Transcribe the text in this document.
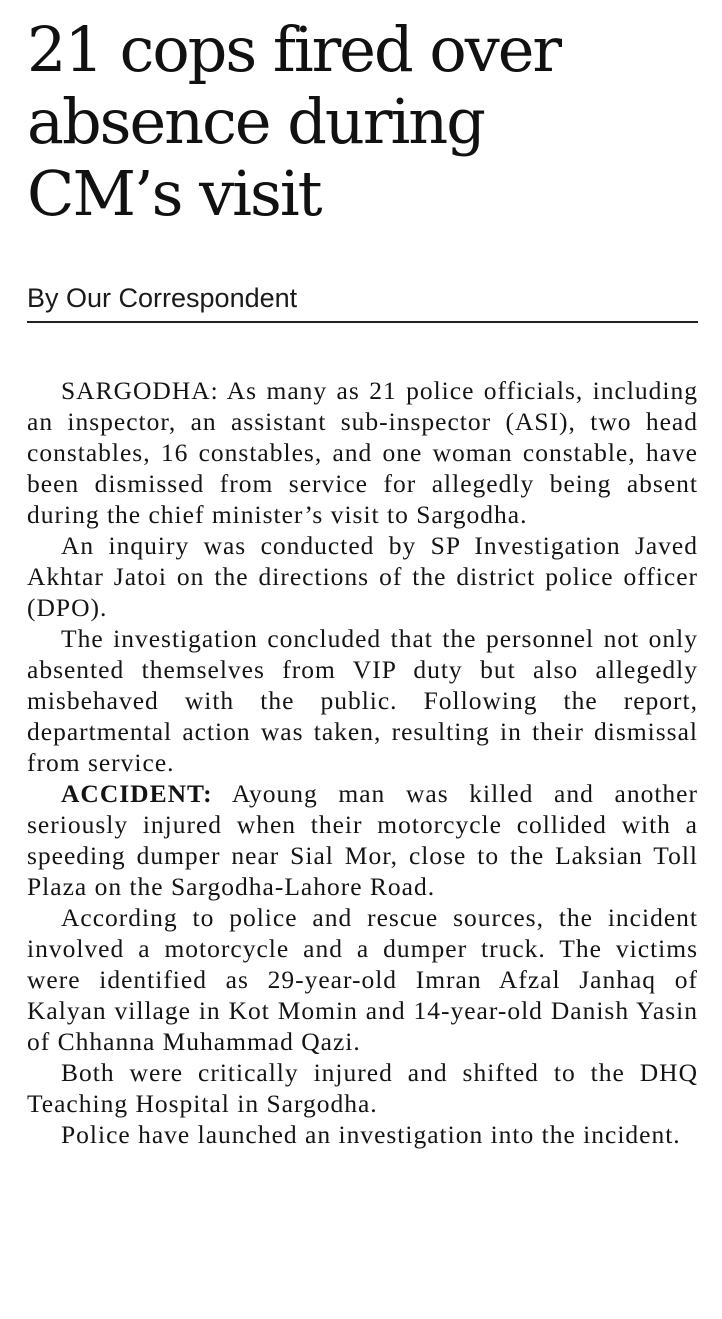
21 cops fired over
absence during
CM’s visit
By Our Correspondent

SARGODHA: As many as 21 police officials, including an inspector, an assistant sub-inspector (ASI), two head constables, 16 constables, and one woman constable, have been dismissed from service for allegedly being absent during the chief minister’s visit to Sargodha.

An inquiry was conducted by SP Investigation Javed Akhtar Jatoi on the directions of the district police officer (DPO).

The investigation concluded that the personnel not only absented themselves from VIP duty but also allegedly misbehaved with the public. Following the report, departmental action was taken, resulting in their dismissal from service.

ACCIDENT: Ayoung man was killed and another seriously injured when their motorcycle collided with a speeding dumper near Sial Mor, close to the Laksian Toll Plaza on the Sargodha-Lahore Road.

According to police and rescue sources, the incident involved a motorcycle and a dumper truck. The victims were identified as 29-year-old Imran Afzal Janhaq of Kalyan village in Kot Momin and 14-year-old Danish Yasin of Chhanna Muhammad Qazi.

Both were critically injured and shifted to the DHQ Teaching Hospital in Sargodha.

Police have launched an investigation into the incident.
